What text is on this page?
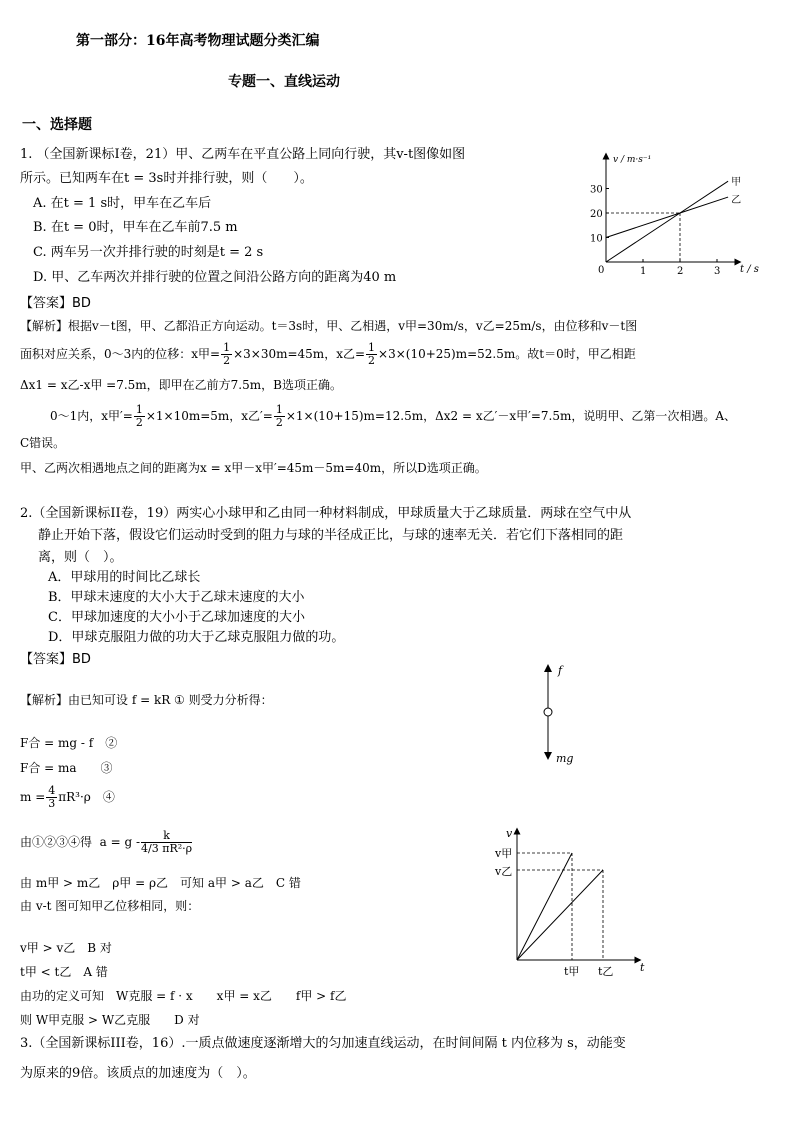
第一部分：16年高考物理试题分类汇编
专题一、直线运动
一、选择题
1. （全国新课标Ⅰ卷，21）甲、乙两车在平直公路上同向行驶，其v-t图像如图
所示。已知两车在t = 3s时并排行驶，则（　　）。
A. 在t = 1 s时，甲车在乙车后
B. 在t = 0时，甲车在乙车前7.5 m
C. 两车另一次并排行驶的时刻是t = 2 s
D. 甲、乙车两次并排行驶的位置之间沿公路方向的距离为40 m
【答案】BD
【解析】根据v－t图，甲、乙都沿正方向运动。t＝3s时，甲、乙相遇，v甲=30m/s，v乙=25m/s，由位移和v－t图
面积对应关系，0～3内的位移：x甲= $\frac{1}{2} \times 3\times 30m=45m$，x乙= $\frac{1}{2} \times 3\times(10+25)m=52.5m$。故t＝0时，甲乙相距
Δx1 = x乙-x甲 =7.5m，即甲在乙前方7.5m，B选项正确。
0～1内，x甲′= $\frac{1}{2} \times 1\times 10m=5m$，x乙′= $\frac{1}{2} \times 1\times(10+15)m=12.5m$，Δx2 = x乙′－x甲′=7.5m，说明甲、乙第一次相遇。A、
C错误。
甲、乙两次相遇地点之间的距离为x = x甲－x甲′=45m－5m=40m，所以D选项正确。
v / m·s⁻¹
t / s
0
10
20
30
1	2	3
甲
乙
2.（全国新课标II卷，19）两实心小球甲和乙由同一种材料制成，甲球质量大于乙球质量．两球在空气中从
静止开始下落，假设它们运动时受到的阻力与球的半径成正比，与球的速率无关．若它们下落相同的距
离，则（　）。
A．甲球用的时间比乙球长
B．甲球末速度的大小大于乙球末速度的大小
C．甲球加速度的大小小于乙球加速度的大小
D．甲球克服阻力做的功大于乙球克服阻力做的功。
【答案】BD
【解析】由已知可设 f = kR ① 则受力分析得：
F合 = mg - f　②
F合 = ma　　③
$m = \frac{4}{3} \pi R^3\cdot\rho$　④
由①②③④得 $a = g - \frac{k}{\text{4/3 πR²·ρ}}$
由 m甲 > m乙　ρ甲 = ρ乙　可知 a甲 > a乙　C 错
由 v-t 图可知甲乙位移相同，则：
v甲 > v乙　B 对
t甲 < t乙　A 错
由功的定义可知　W克服 = f · x　　x甲 = x乙　　f甲 > f乙
则 W甲克服 > W乙克服　　D 对
f
mg
v
t
v甲
v乙
t甲 t乙
3.（全国新课标III卷，16）.一质点做速度逐渐增大的匀加速直线运动，在时间间隔 t 内位移为 s，动能变
为原来的9倍。该质点的加速度为（　）。
